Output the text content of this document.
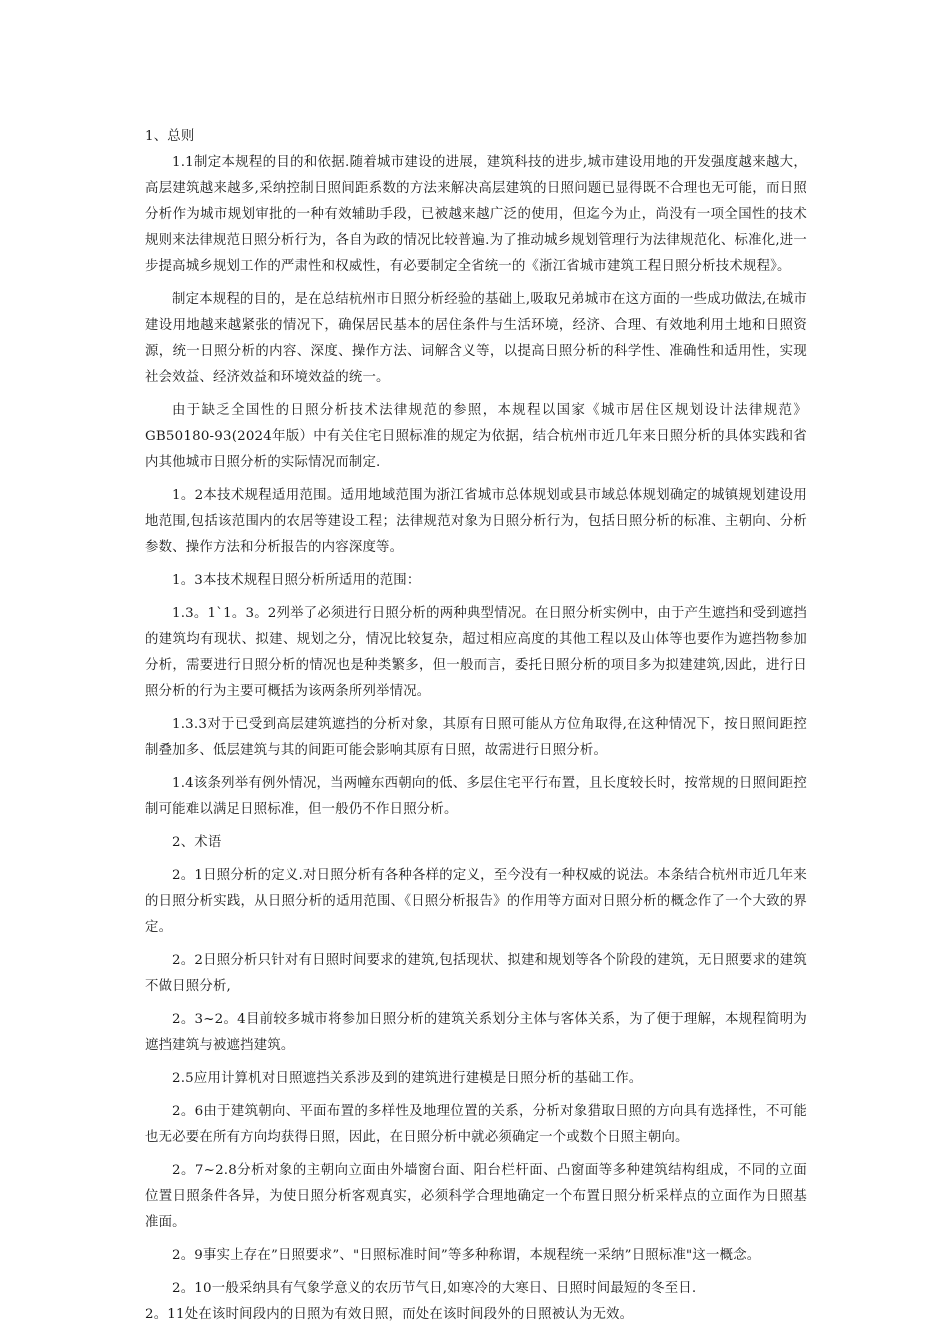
1、总则

1.1制定本规程的目的和依据.随着城市建设的进展，建筑科技的进步,城市建设用地的开发强度越来越大，高层建筑越来越多,采纳控制日照间距系数的方法来解决高层建筑的日照问题已显得既不合理也无可能，而日照分析作为城市规划审批的一种有效辅助手段，已被越来越广泛的使用，但迄今为止，尚没有一项全国性的技术规则来法律规范日照分析行为，各自为政的情况比较普遍.为了推动城乡规划管理行为法律规范化、标准化,进一步提高城乡规划工作的严肃性和权威性，有必要制定全省统一的《浙江省城市建筑工程日照分析技术规程》。

制定本规程的目的，是在总结杭州市日照分析经验的基础上,吸取兄弟城市在这方面的一些成功做法,在城市建设用地越来越紧张的情况下，确保居民基本的居住条件与生活环境，经济、合理、有效地利用土地和日照资源，统一日照分析的内容、深度、操作方法、词解含义等，以提高日照分析的科学性、准确性和适用性，实现社会效益、经济效益和环境效益的统一。

由于缺乏全国性的日照分析技术法律规范的参照，本规程以国家《城市居住区规划设计法律规范》GB50180-93(2024年版）中有关住宅日照标准的规定为依据，结合杭州市近几年来日照分析的具体实践和省内其他城市日照分析的实际情况而制定.

1。2本技术规程适用范围。适用地域范围为浙江省城市总体规划或县市域总体规划确定的城镇规划建设用地范围,包括该范围内的农居等建设工程；法律规范对象为日照分析行为，包括日照分析的标准、主朝向、分析参数、操作方法和分析报告的内容深度等。

1。3本技术规程日照分析所适用的范围：

1.3。1`1。3。2列举了必须进行日照分析的两种典型情况。在日照分析实例中，由于产生遮挡和受到遮挡的建筑均有现状、拟建、规划之分，情况比较复杂，超过相应高度的其他工程以及山体等也要作为遮挡物参加分析，需要进行日照分析的情况也是种类繁多，但一般而言，委托日照分析的项目多为拟建建筑,因此，进行日照分析的行为主要可概括为该两条所列举情况。

1.3.3对于已受到高层建筑遮挡的分析对象，其原有日照可能从方位角取得,在这种情况下，按日照间距控制叠加多、低层建筑与其的间距可能会影响其原有日照，故需进行日照分析。

1.4该条列举有例外情况，当两幢东西朝向的低、多层住宅平行布置，且长度较长时，按常规的日照间距控制可能难以满足日照标准，但一般仍不作日照分析。

2、术语

2。1日照分析的定义.对日照分析有各种各样的定义，至今没有一种权威的说法。本条结合杭州市近几年来的日照分析实践，从日照分析的适用范围、《日照分析报告》的作用等方面对日照分析的概念作了一个大致的界定。

2。2日照分析只针对有日照时间要求的建筑,包括现状、拟建和规划等各个阶段的建筑，无日照要求的建筑不做日照分析,

2。3~2。4目前较多城市将参加日照分析的建筑关系划分主体与客体关系，为了便于理解，本规程简明为遮挡建筑与被遮挡建筑。

2.5应用计算机对日照遮挡关系涉及到的建筑进行建模是日照分析的基础工作。

2。6由于建筑朝向、平面布置的多样性及地理位置的关系，分析对象猎取日照的方向具有选择性，不可能也无必要在所有方向均获得日照，因此，在日照分析中就必须确定一个或数个日照主朝向。

2。7~2.8分析对象的主朝向立面由外墙窗台面、阳台栏杆面、凸窗面等多种建筑结构组成，不同的立面位置日照条件各异，为使日照分析客观真实，必须科学合理地确定一个布置日照分析采样点的立面作为日照基准面。

2。9事实上存在”日照要求”、"日照标准时间”等多种称谓，本规程统一采纳”日照标准"这一概念。

2。10一般采纳具有气象学意义的农历节气日,如寒冷的大寒日、日照时间最短的冬至日.

2。11处在该时间段内的日照为有效日照，而处在该时间段外的日照被认为无效。
